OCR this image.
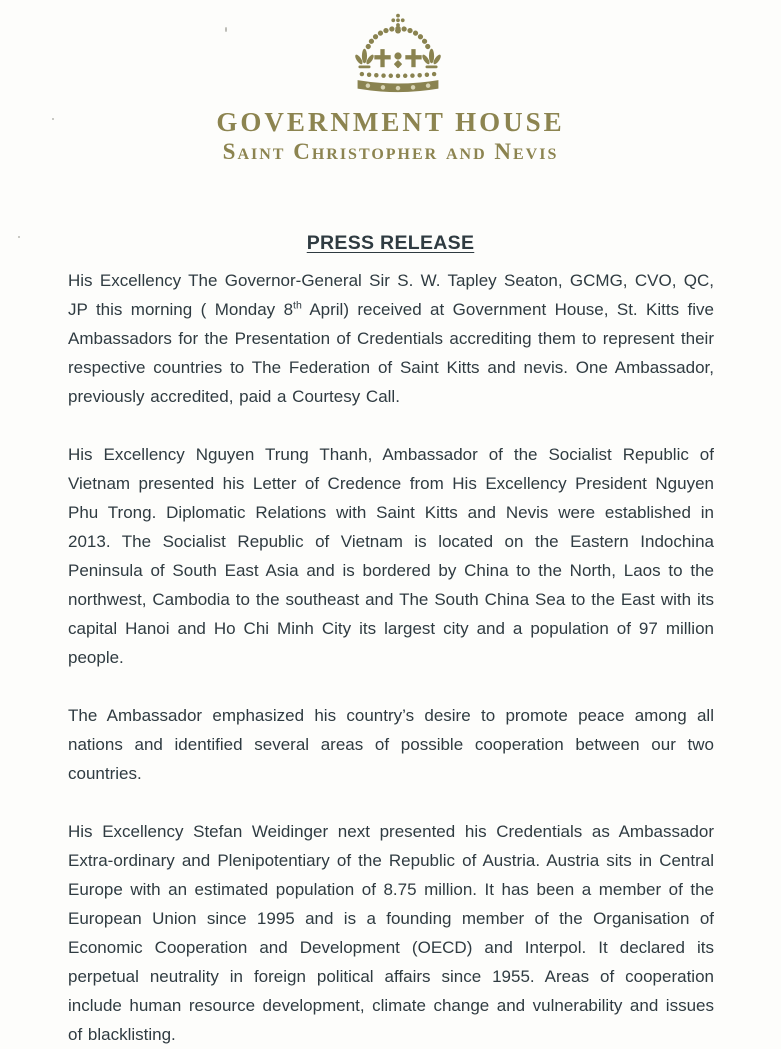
GOVERNMENT HOUSE
Saint Christopher and Nevis
PRESS RELEASE

His Excellency The Governor-General Sir S. W. Tapley Seaton, GCMG, CVO, QC, JP this morning ( Monday 8th April) received at Government House, St. Kitts five Ambassadors for the Presentation of Credentials accrediting them to represent their respective countries to The Federation of Saint Kitts and nevis. One Ambassador, previously accredited, paid a Courtesy Call.

His Excellency Nguyen Trung Thanh, Ambassador of the Socialist Republic of Vietnam presented his Letter of Credence from His Excellency President Nguyen Phu Trong. Diplomatic Relations with Saint Kitts and Nevis were established in 2013. The Socialist Republic of Vietnam is located on the Eastern Indochina Peninsula of South East Asia and is bordered by China to the North, Laos to the northwest, Cambodia to the southeast and The South China Sea to the East with its capital Hanoi and Ho Chi Minh City its largest city and a population of 97 million people.

The Ambassador emphasized his country’s desire to promote peace among all nations and identified several areas of possible cooperation between our two countries.

His Excellency Stefan Weidinger next presented his Credentials as Ambassador Extra-ordinary and Plenipotentiary of the Republic of Austria. Austria sits in Central Europe with an estimated population of 8.75 million. It has been a member of the European Union since 1995 and is a founding member of the Organisation of Economic Cooperation and Development (OECD) and Interpol. It declared its perpetual neutrality in foreign political affairs since 1955. Areas of cooperation include human resource development, climate change and vulnerability and issues of blacklisting.
